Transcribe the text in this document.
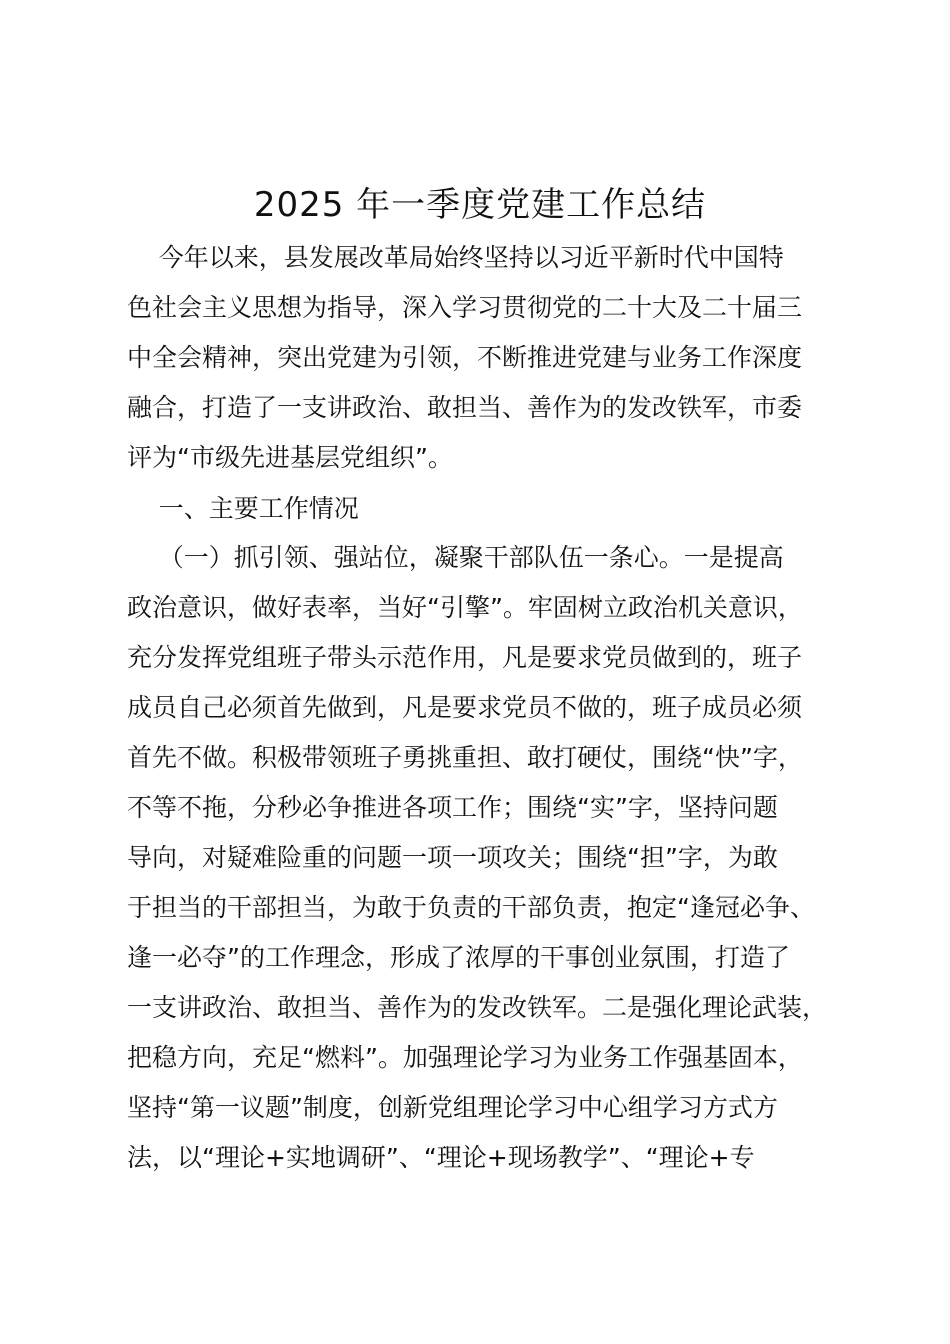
2025 年一季度党建工作总结
今年以来，县发展改革局始终坚持以习近平新时代中国特
色社会主义思想为指导，深入学习贯彻党的二十大及二十届三
中全会精神，突出党建为引领，不断推进党建与业务工作深度
融合，打造了一支讲政治、敢担当、善作为的发改铁军，市委
评为“市级先进基层党组织”。
一、主要工作情况
（一）抓引领、强站位，凝聚干部队伍一条心。一是提高
政治意识，做好表率，当好“引擎”。牢固树立政治机关意识，
充分发挥党组班子带头示范作用，凡是要求党员做到的，班子
成员自己必须首先做到，凡是要求党员不做的，班子成员必须
首先不做。积极带领班子勇挑重担、敢打硬仗，围绕“快”字，
不等不拖，分秒必争推进各项工作；围绕“实”字，坚持问题
导向，对疑难险重的问题一项一项攻关；围绕“担”字，为敢
于担当的干部担当，为敢于负责的干部负责，抱定“逢冠必争、
逢一必夺”的工作理念，形成了浓厚的干事创业氛围，打造了
一支讲政治、敢担当、善作为的发改铁军。二是强化理论武装，
把稳方向，充足“燃料”。加强理论学习为业务工作强基固本，
坚持“第一议题”制度，创新党组理论学习中心组学习方式方
法，以“理论+实地调研”、“理论+现场教学”、“理论+专
